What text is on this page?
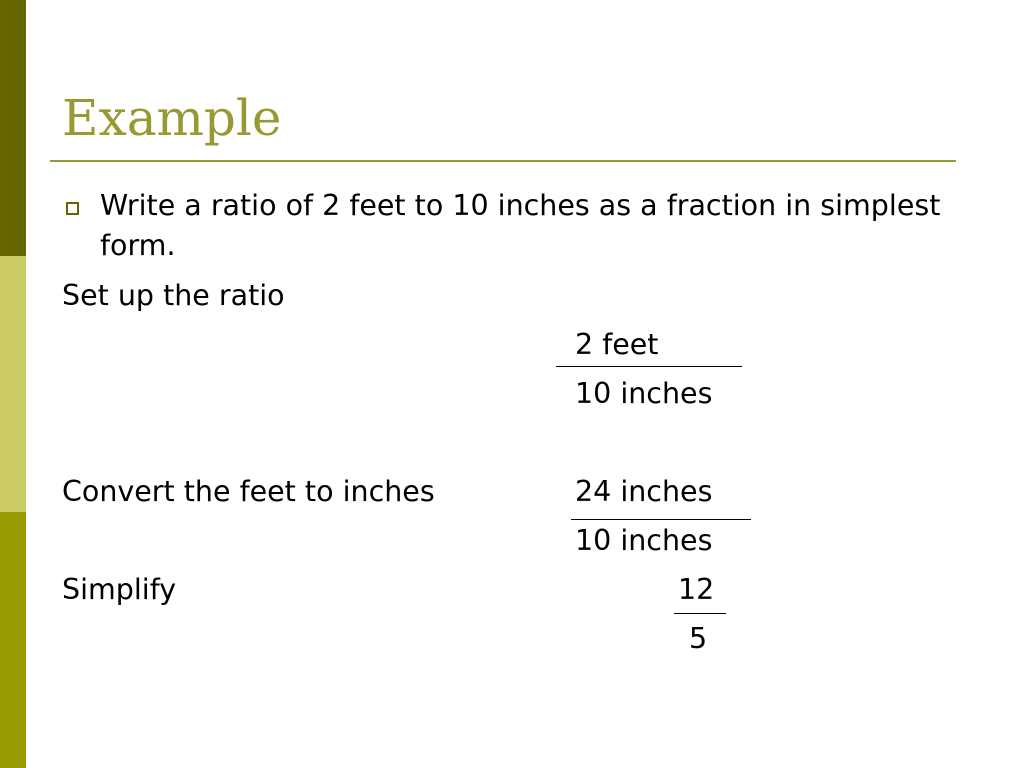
Example
Write a ratio of 2 feet to 10 inches as a fraction in simplest form.
Set up the ratio
2 feet
10 inches
Convert the feet to inches	24 inches
10 inches
Simplify	12
5
